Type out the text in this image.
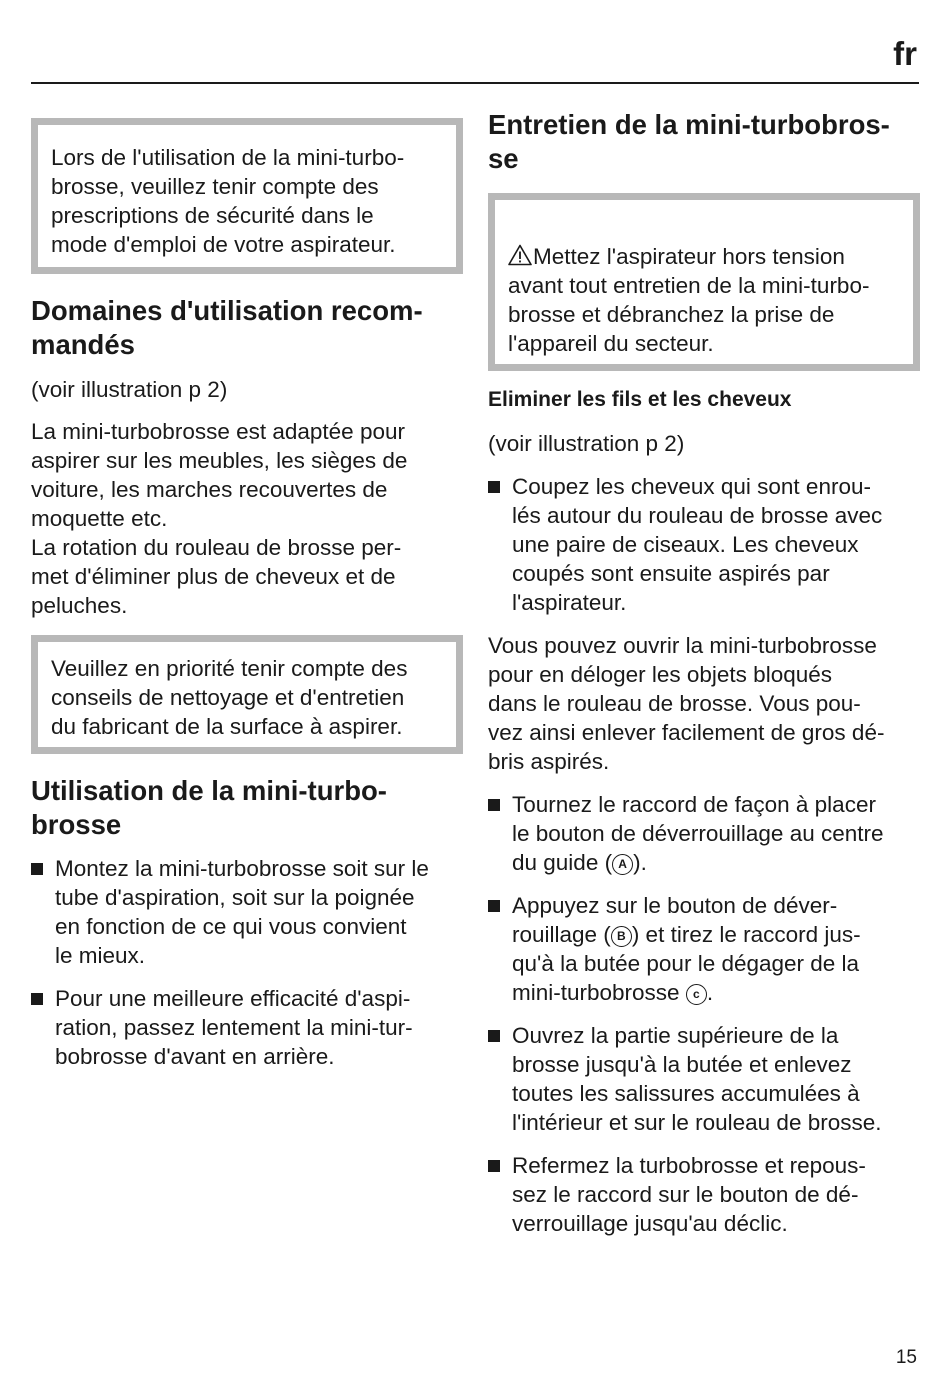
fr

Lors de l'utilisation de la mini-turbo-
brosse, veuillez tenir compte des
prescriptions de sécurité dans le
mode d'emploi de votre aspirateur.

Domaines d'utilisation recom-
mandés

(voir illustration p 2)

La mini-turbobrosse est adaptée pour
aspirer sur les meubles, les sièges de
voiture, les marches recouvertes de
moquette etc.
La rotation du rouleau de brosse per-
met d'éliminer plus de cheveux et de
peluches.

Veuillez en priorité tenir compte des
conseils de nettoyage et d'entretien
du fabricant de la surface à aspirer.

Utilisation de la mini-turbo-
brosse
Montez la mini-turbobrosse soit sur le
tube d'aspiration, soit sur la poignée
en fonction de ce qui vous convient
le mieux.
Pour une meilleure efficacité d'aspi-
ration, passez lentement la mini-tur-
bobrosse d'avant en arrière.
Entretien de la mini-turbobros-
se

Mettez l'aspirateur hors tension
avant tout entretien de la mini-turbo-
brosse et débranchez la prise de
l'appareil du secteur.

Eliminer les fils et les cheveux

(voir illustration p 2)

Coupez les cheveux qui sont enrou-
lés autour du rouleau de brosse avec
une paire de ciseaux. Les cheveux
coupés sont ensuite aspirés par
l'aspirateur.

Vous pouvez ouvrir la mini-turbobrosse
pour en déloger les objets bloqués
dans le rouleau de brosse. Vous pou-
vez ainsi enlever facilement de gros dé-
bris aspirés.

Tournez le raccord de façon à placer
le bouton de déverrouillage au centre
du guide ( A ).
Appuyez sur le bouton de déver-
rouillage ( B ) et tirez le raccord jus-
qu'à la butée pour le dégager de la
mini-turbobrosse c .
Ouvrez la partie supérieure de la
brosse jusqu'à la butée et enlevez
toutes les salissures accumulées à
l'intérieur et sur le rouleau de brosse.
Refermez la turbobrosse et repous-
sez le raccord sur le bouton de dé-
verrouillage jusqu'au déclic.
15
